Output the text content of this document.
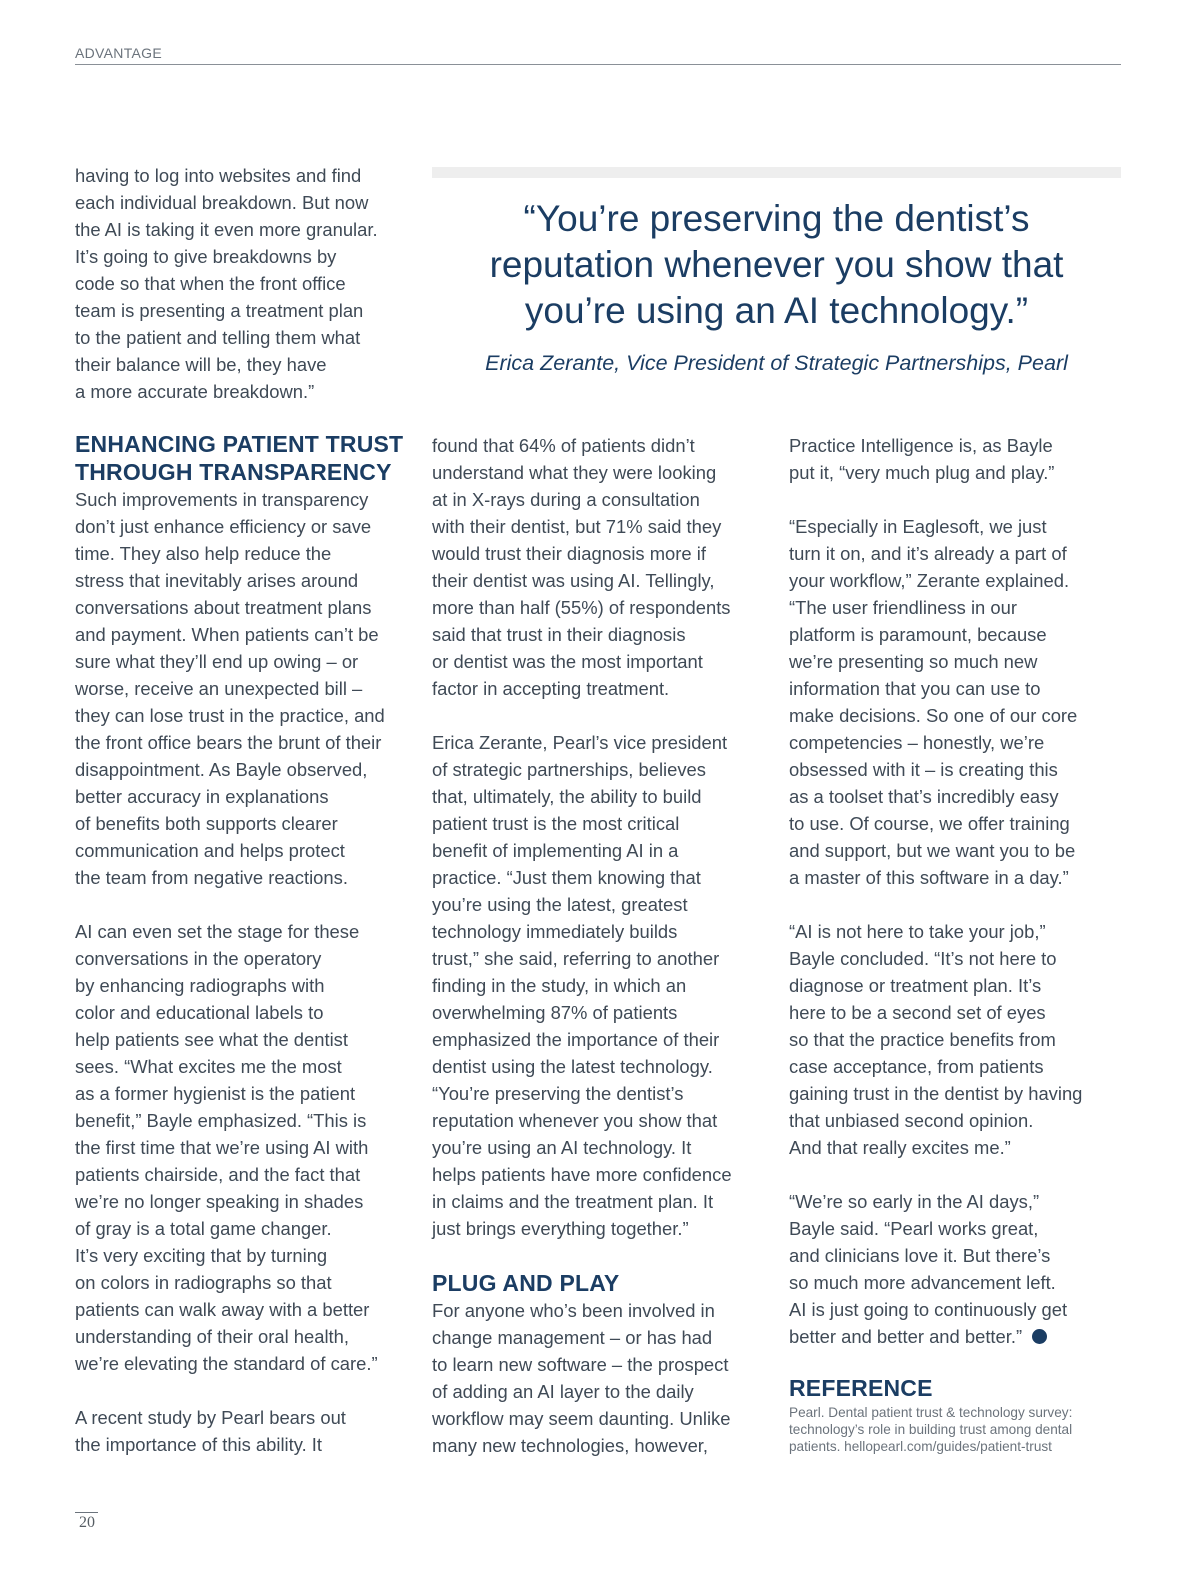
ADVANTAGE

having to log into websites and find
each individual breakdown. But now
the AI is taking it even more granular.
It’s going to give breakdowns by
code so that when the front office
team is presenting a treatment plan
to the patient and telling them what
their balance will be, they have
a more accurate breakdown.”

“You’re preserving the dentist’s
reputation whenever you show that
you’re using an AI technology.”
Erica Zerante, Vice President of Strategic Partnerships, Pearl
ENHANCING PATIENT TRUST
THROUGH TRANSPARENCY

Such improvements in transparency
don’t just enhance efficiency or save
time. They also help reduce the
stress that inevitably arises around
conversations about treatment plans
and payment. When patients can’t be
sure what they’ll end up owing – or
worse, receive an unexpected bill –
they can lose trust in the practice, and
the front office bears the brunt of their
disappointment. As Bayle observed,
better accuracy in explanations
of benefits both supports clearer
communication and helps protect
the team from negative reactions.

AI can even set the stage for these
conversations in the operatory
by enhancing radiographs with
color and educational labels to
help patients see what the dentist
sees. “What excites me the most
as a former hygienist is the patient
benefit,” Bayle emphasized. “This is
the first time that we’re using AI with
patients chairside, and the fact that
we’re no longer speaking in shades
of gray is a total game changer.
It’s very exciting that by turning
on colors in radiographs so that
patients can walk away with a better
understanding of their oral health,
we’re elevating the standard of care.”

A recent study by Pearl bears out
the importance of this ability. It

found that 64% of patients didn’t
understand what they were looking
at in X-rays during a consultation
with their dentist, but 71% said they
would trust their diagnosis more if
their dentist was using AI. Tellingly,
more than half (55%) of respondents
said that trust in their diagnosis
or dentist was the most important
factor in accepting treatment.

Erica Zerante, Pearl’s vice president
of strategic partnerships, believes
that, ultimately, the ability to build
patient trust is the most critical
benefit of implementing AI in a
practice. “Just them knowing that
you’re using the latest, greatest
technology immediately builds
trust,” she said, referring to another
finding in the study, in which an
overwhelming 87% of patients
emphasized the importance of their
dentist using the latest technology.
“You’re preserving the dentist’s
reputation whenever you show that
you’re using an AI technology. It
helps patients have more confidence
in claims and the treatment plan. It
just brings everything together.”

PLUG AND PLAY

For anyone who’s been involved in
change management – or has had
to learn new software – the prospect
of adding an AI layer to the daily
workflow may seem daunting. Unlike
many new technologies, however,

Practice Intelligence is, as Bayle
put it, “very much plug and play.”

“Especially in Eaglesoft, we just
turn it on, and it’s already a part of
your workflow,” Zerante explained.
“The user friendliness in our
platform is paramount, because
we’re presenting so much new
information that you can use to
make decisions. So one of our core
competencies – honestly, we’re
obsessed with it – is creating this
as a toolset that’s incredibly easy
to use. Of course, we offer training
and support, but we want you to be
a master of this software in a day.”

“AI is not here to take your job,”
Bayle concluded. “It’s not here to
diagnose or treatment plan. It’s
here to be a second set of eyes
so that the practice benefits from
case acceptance, from patients
gaining trust in the dentist by having
that unbiased second opinion.
And that really excites me.”

“We’re so early in the AI days,”
Bayle said. “Pearl works great,
and clinicians love it. But there’s
so much more advancement left.
AI is just going to continuously get
better and better and better.”

REFERENCE
Pearl. Dental patient trust & technology survey:
technology’s role in building trust among dental
patients. hellopearl.com/guides/patient-trust
20
